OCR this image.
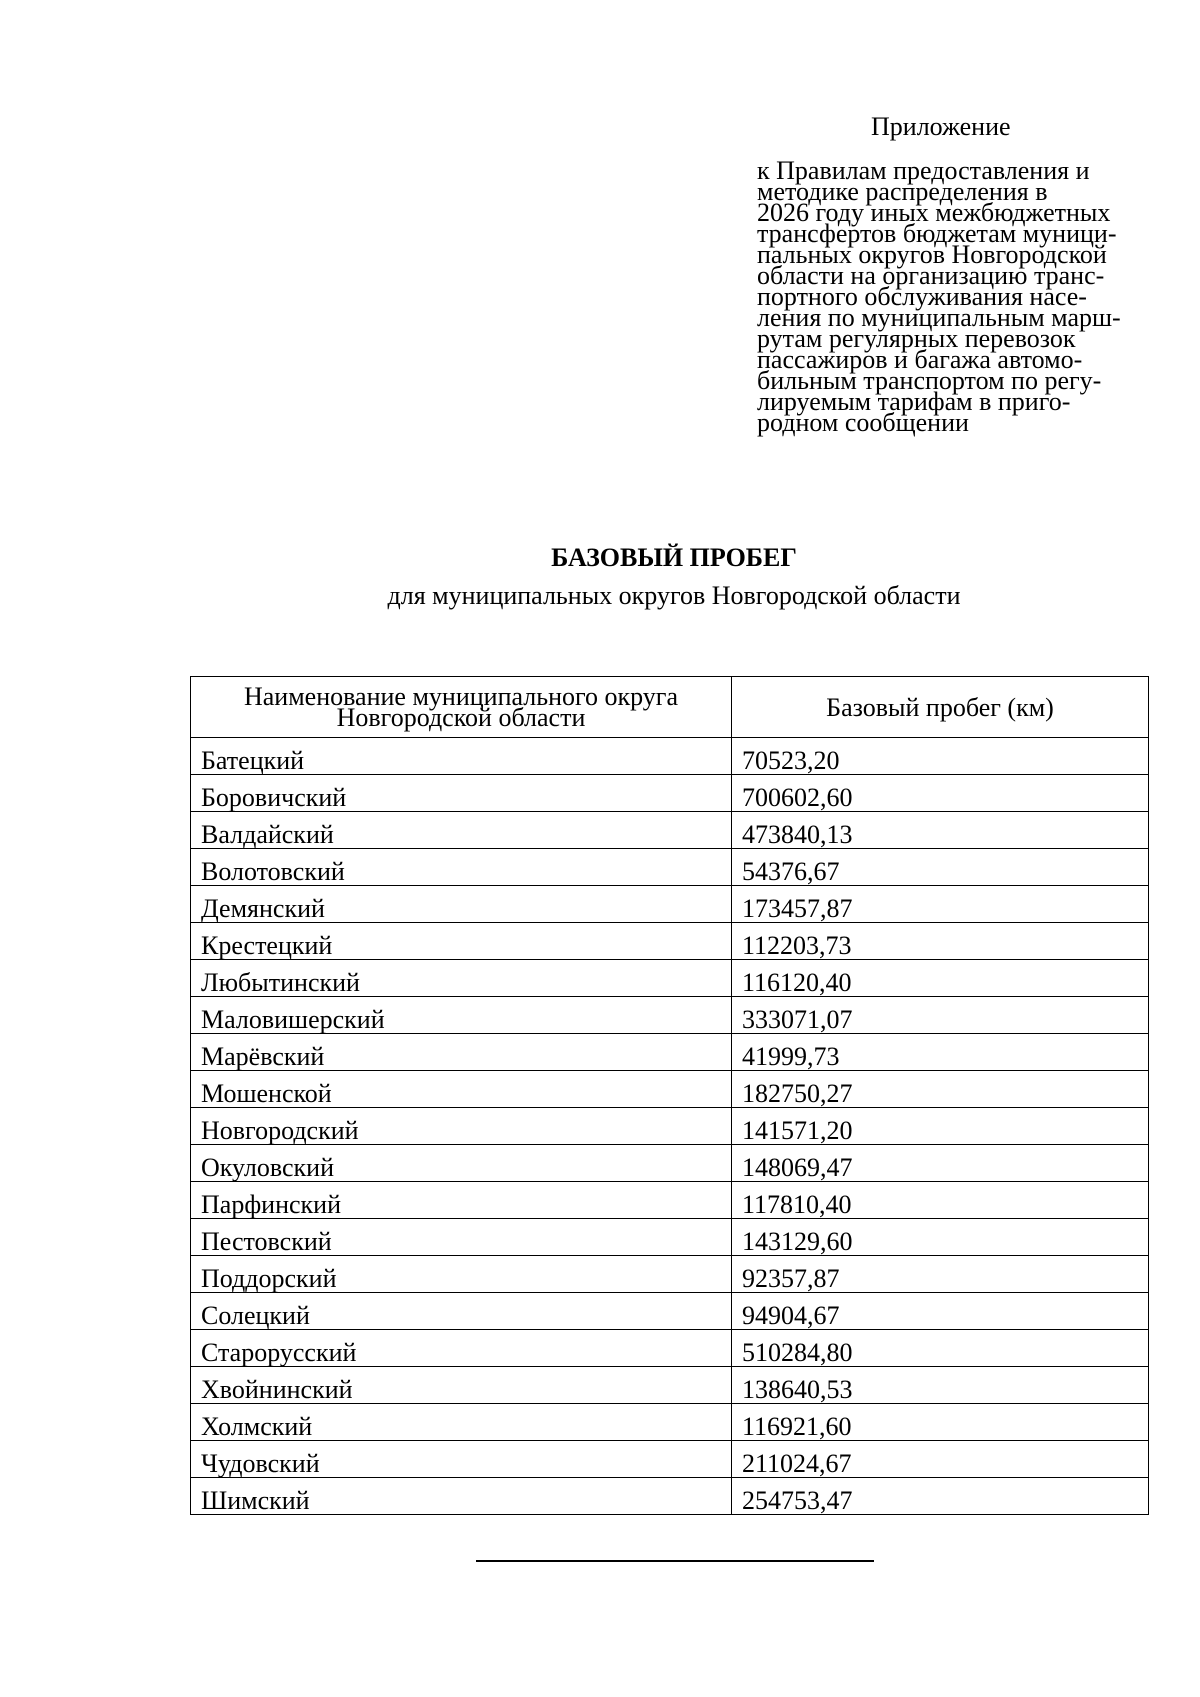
Приложение

к Правилам предоставления и
методике распределения в
2026 году иных межбюджетных
трансфертов бюджетам муници-
пальных округов Новгородской
области на организацию транс-
портного обслуживания насе-
ления по муниципальным марш-
рутам регулярных перевозок
пассажиров и багажа автомо-
бильным транспортом по регу-
лируемым тарифам в приго-
родном сообщении

БАЗОВЫЙ ПРОБЕГ

для муниципальных округов Новгородской области

Наименование муниципального округа
Новгородской области	Базовый пробег (км)
Батецкий	70523,20
Боровичский	700602,60
Валдайский	473840,13
Волотовский	54376,67
Демянский	173457,87
Крестецкий	112203,73
Любытинский	116120,40
Маловишерский	333071,07
Марёвский	41999,73
Мошенской	182750,27
Новгородский	141571,20
Окуловский	148069,47
Парфинский	117810,40
Пестовский	143129,60
Поддорский	92357,87
Солецкий	94904,67
Старорусский	510284,80
Хвойнинский	138640,53
Холмский	116921,60
Чудовский	211024,67
Шимский	254753,47
